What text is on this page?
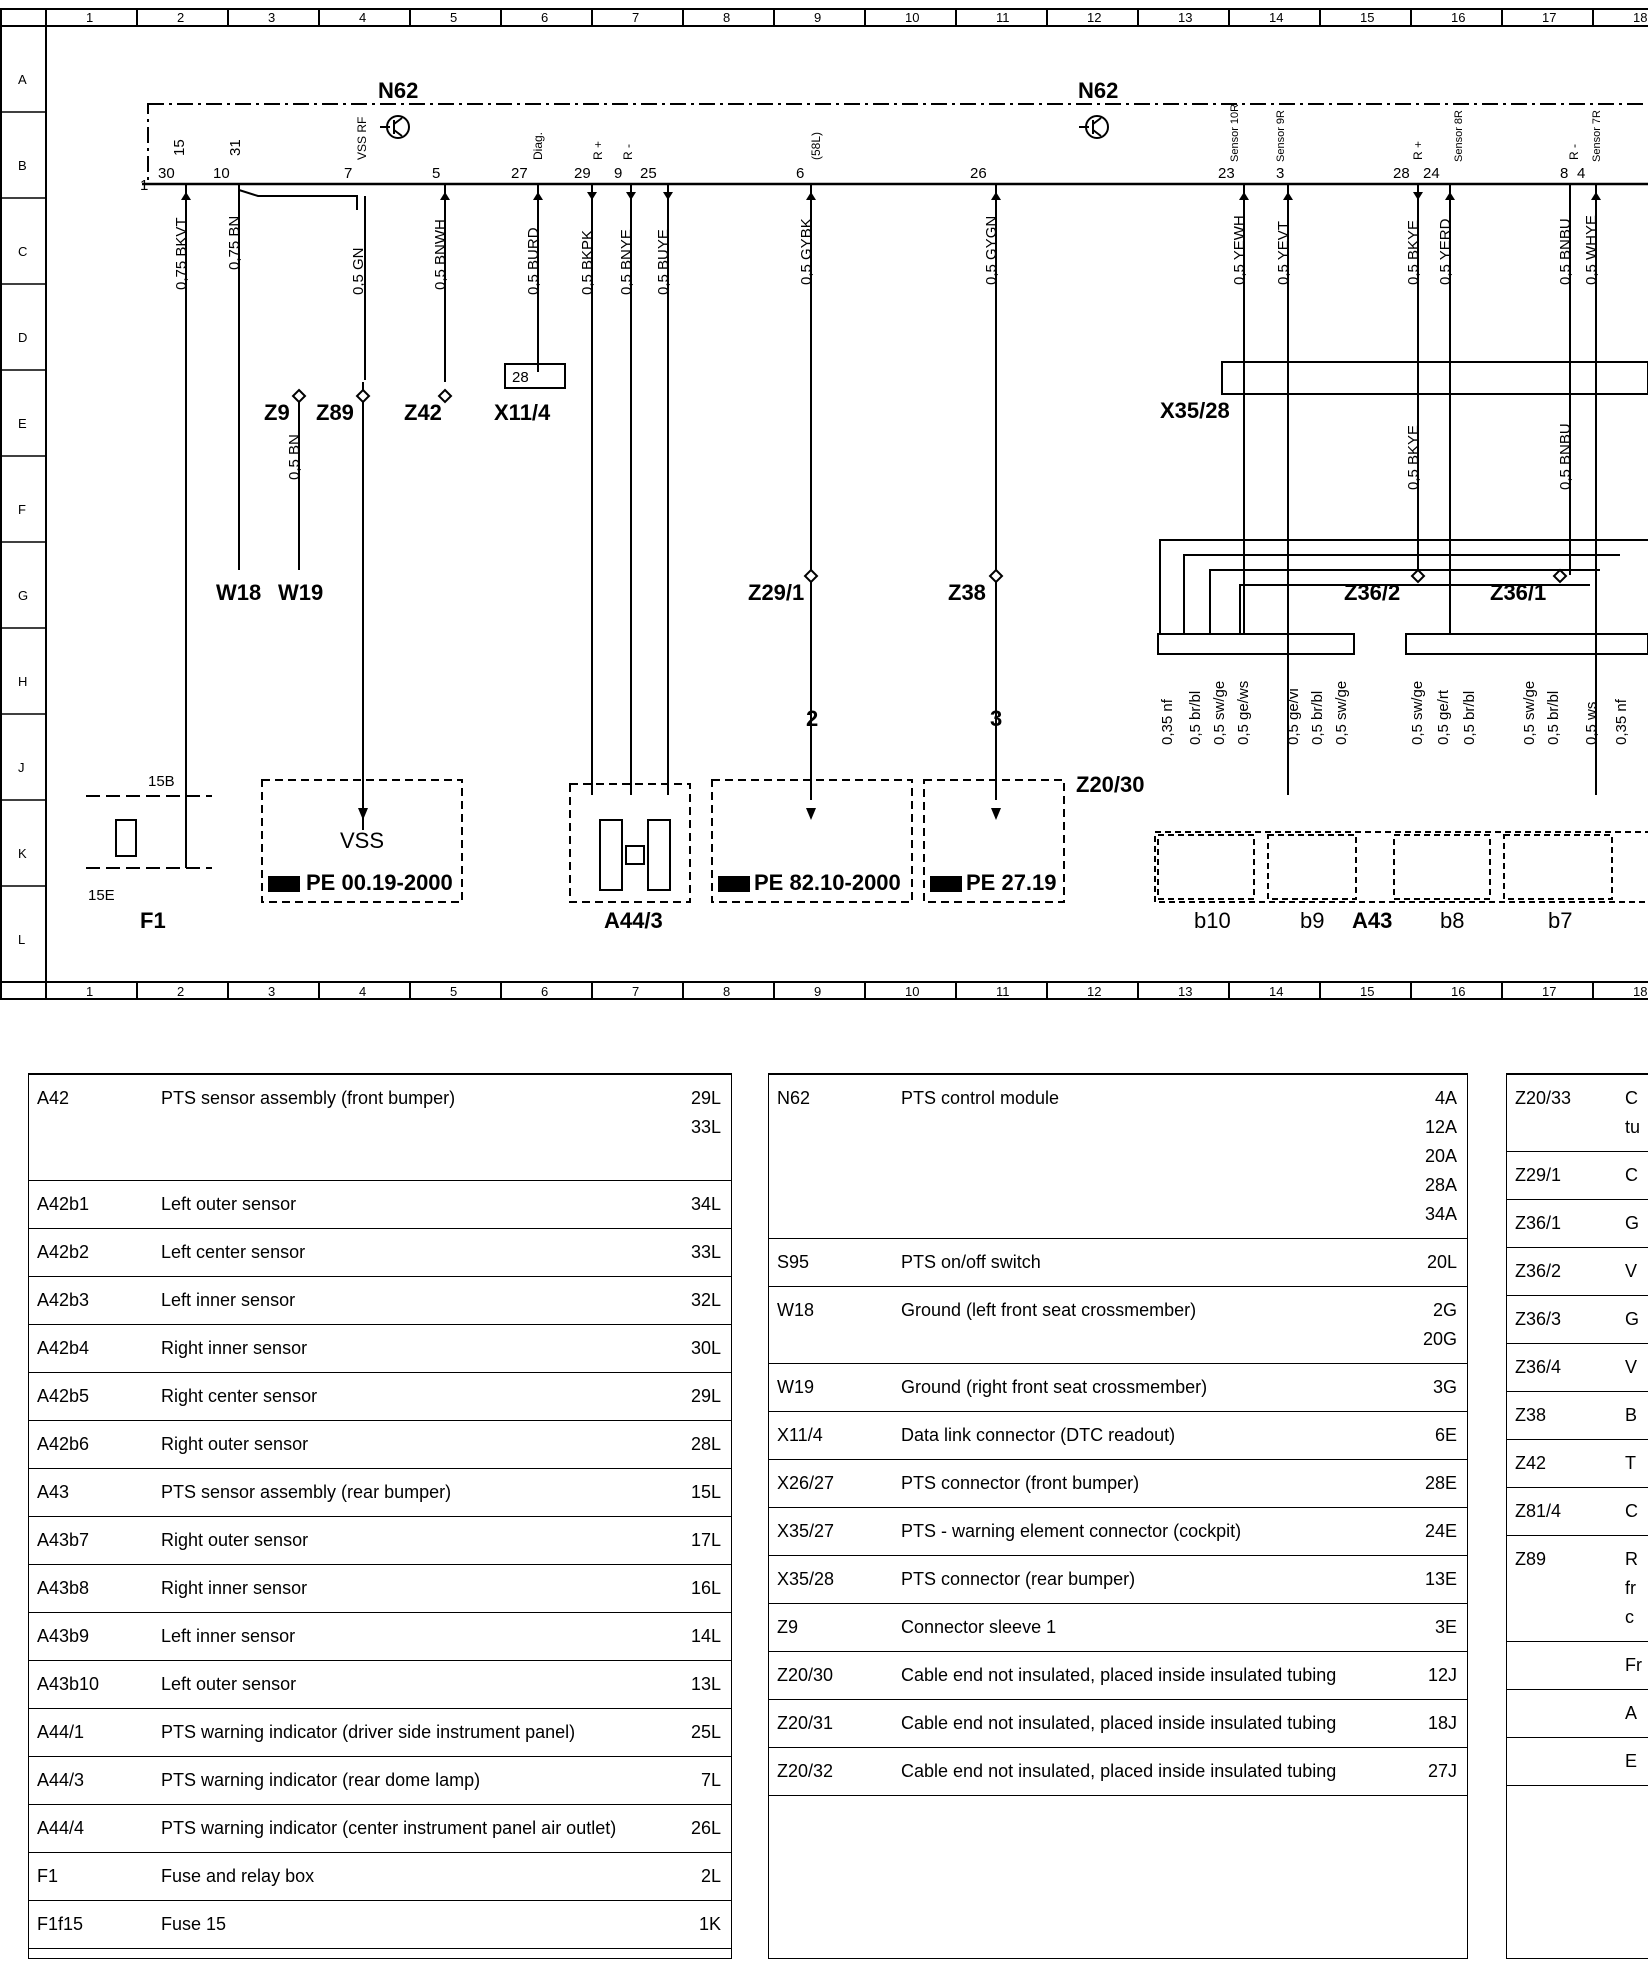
1
1
2
2
3
3
4
4
5
5
6
6
7
7
8
8
9
9
10
10
11
11
12
12
13
13
14
14
15
15
16
16
17
17
18
18
A
B
C
D
E
F
G
H
J
K
L
N62	N62
1
30
15
10
31
7
VSS RF
5	27
Diag.
29
R +
9
R -
25	6
(58L)
26	23
Sensor 10R
3
Sensor 9R
28
R +
24
Sensor 8R
8
R -
4
Sensor 7R
0,75 BKVT 0,75 BN
0,5 GN	0,5 BNWH	0,5 BURD 0,5 BKPK 0,5 BNYE 0,5 BUYE	0,5 GYBK	0,5 GYGN	0,5 YEWH 0,5 YEVT	0,5 BKYE 0,5 YERD	0,5 BNBU 0,5 WHYE
0,5 BN	0,5 BKYE	0,5 BNBU
0,35 nf 0,5 br/bl 0,5 sw/ge 0,5 ge/ws 0,5 ge/vi 0,5 br/bl 0,5 sw/ge	0,5 sw/ge 0,5 ge/rt 0,5 br/bl	0,5 sw/ge 0,5 br/bl 0,5 ws 0,35 nf
X35/28
Z36/2	Z36/1
Z20/30
b10	b9 A43 b8	b7
Z9 Z89 Z42 X11/4
28
W18 W19	Z29/1	Z38
2	3
15B
15E
F1
VSS
PE 00.19-2000	PE 82.10-2000	PE 27.19
A44/3
A42	PTS sensor assembly (front bumper)	29L
33L

A42b1	Left outer sensor	34L

A42b2	Left center sensor	33L

A42b3	Left inner sensor	32L

A42b4	Right inner sensor	30L

A42b5	Right center sensor	29L

A42b6	Right outer sensor	28L

A43	PTS sensor assembly (rear bumper)	15L

A43b7	Right outer sensor	17L

A43b8	Right inner sensor	16L

A43b9	Left inner sensor	14L

A43b10	Left outer sensor	13L

A44/1	PTS warning indicator (driver side instrument panel)	25L

A44/3	PTS warning indicator (rear dome lamp)	7L

A44/4	PTS warning indicator (center instrument panel air outlet)	26L

F1	Fuse and relay box	2L

F1f15	Fuse 15	1K
N62	PTS control module	4A
12A
20A
28A
34A

S95	PTS on/off switch	20L

W18	Ground (left front seat crossmember)	2G
20G

W19	Ground (right front seat crossmember)	3G

X11/4	Data link connector (DTC readout)	6E

X26/27	PTS connector (front bumper)	28E

X35/27	PTS - warning element connector (cockpit)	24E

X35/28	PTS connector (rear bumper)	13E

Z9	Connector sleeve 1	3E

Z20/30	Cable end not insulated, placed inside insulated tubing	12J

Z20/31	Cable end not insulated, placed inside insulated tubing	18J

Z20/32	Cable end not insulated, placed inside insulated tubing	27J
Z20/33	C tu
Z29/1	C
Z36/1	G
Z36/2	V
Z36/3	G
Z36/4	V
Z38	B
Z42	T
Z81/4	C
Z89	R fr c
	Fr
	A
	E
